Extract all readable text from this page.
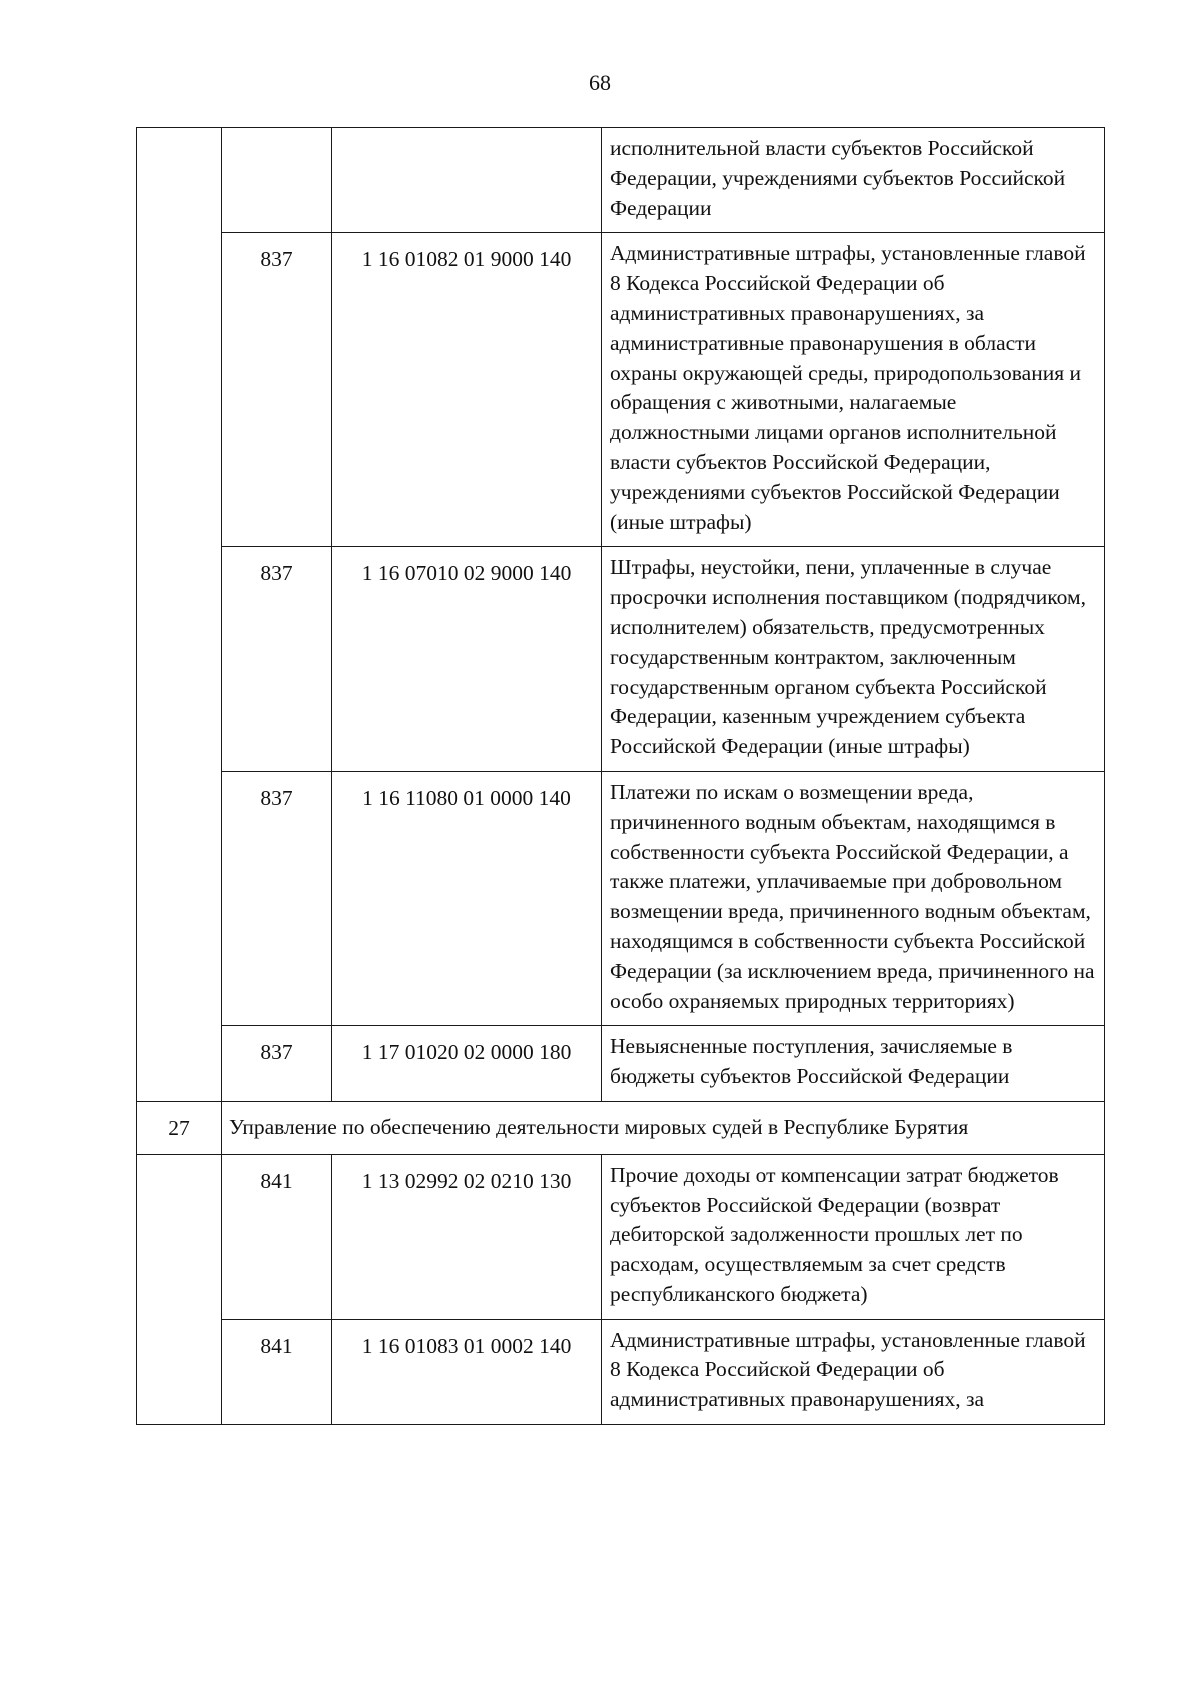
68

			исполнительной власти субъектов Российской Федерации, учреждениями субъектов Российской Федерации

	837	1 16 01082 01 9000 140	Административные штрафы, установленные главой 8 Кодекса Российской Федерации об административных правонарушениях, за административные правонарушения в области охраны окружающей среды, природопользования и обращения с животными, налагаемые должностными лицами органов исполнительной власти субъектов Российской Федерации, учреждениями субъектов Российской Федерации (иные штрафы)

	837	1 16 07010 02 9000 140	Штрафы, неустойки, пени, уплаченные в случае просрочки исполнения поставщиком (подрядчиком, исполнителем) обязательств, предусмотренных государственным контрактом, заключенным государственным органом субъекта Российской Федерации, казенным учреждением субъекта Российской Федерации (иные штрафы)

	837	1 16 11080 01 0000 140	Платежи по искам о возмещении вреда, причиненного водным объектам, находящимся в собственности субъекта Российской Федерации, а также платежи, уплачиваемые при добровольном возмещении вреда, причиненного водным объектам, находящимся в собственности субъекта Российской Федерации (за исключением вреда, причиненного на особо охраняемых природных территориях)

	837	1 17 01020 02 0000 180	Невыясненные поступления, зачисляемые в бюджеты субъектов Российской Федерации

27	Управление по обеспечению деятельности мировых судей в Республике Бурятия		
	841	1 13 02992 02 0210 130	Прочие доходы от компенсации затрат бюджетов субъектов Российской Федерации (возврат дебиторской задолженности прошлых лет по расходам, осуществляемым за счет средств республиканского бюджета)

	841	1 16 01083 01 0002 140	Административные штрафы, установленные главой 8 Кодекса Российской Федерации об административных правонарушениях, за
